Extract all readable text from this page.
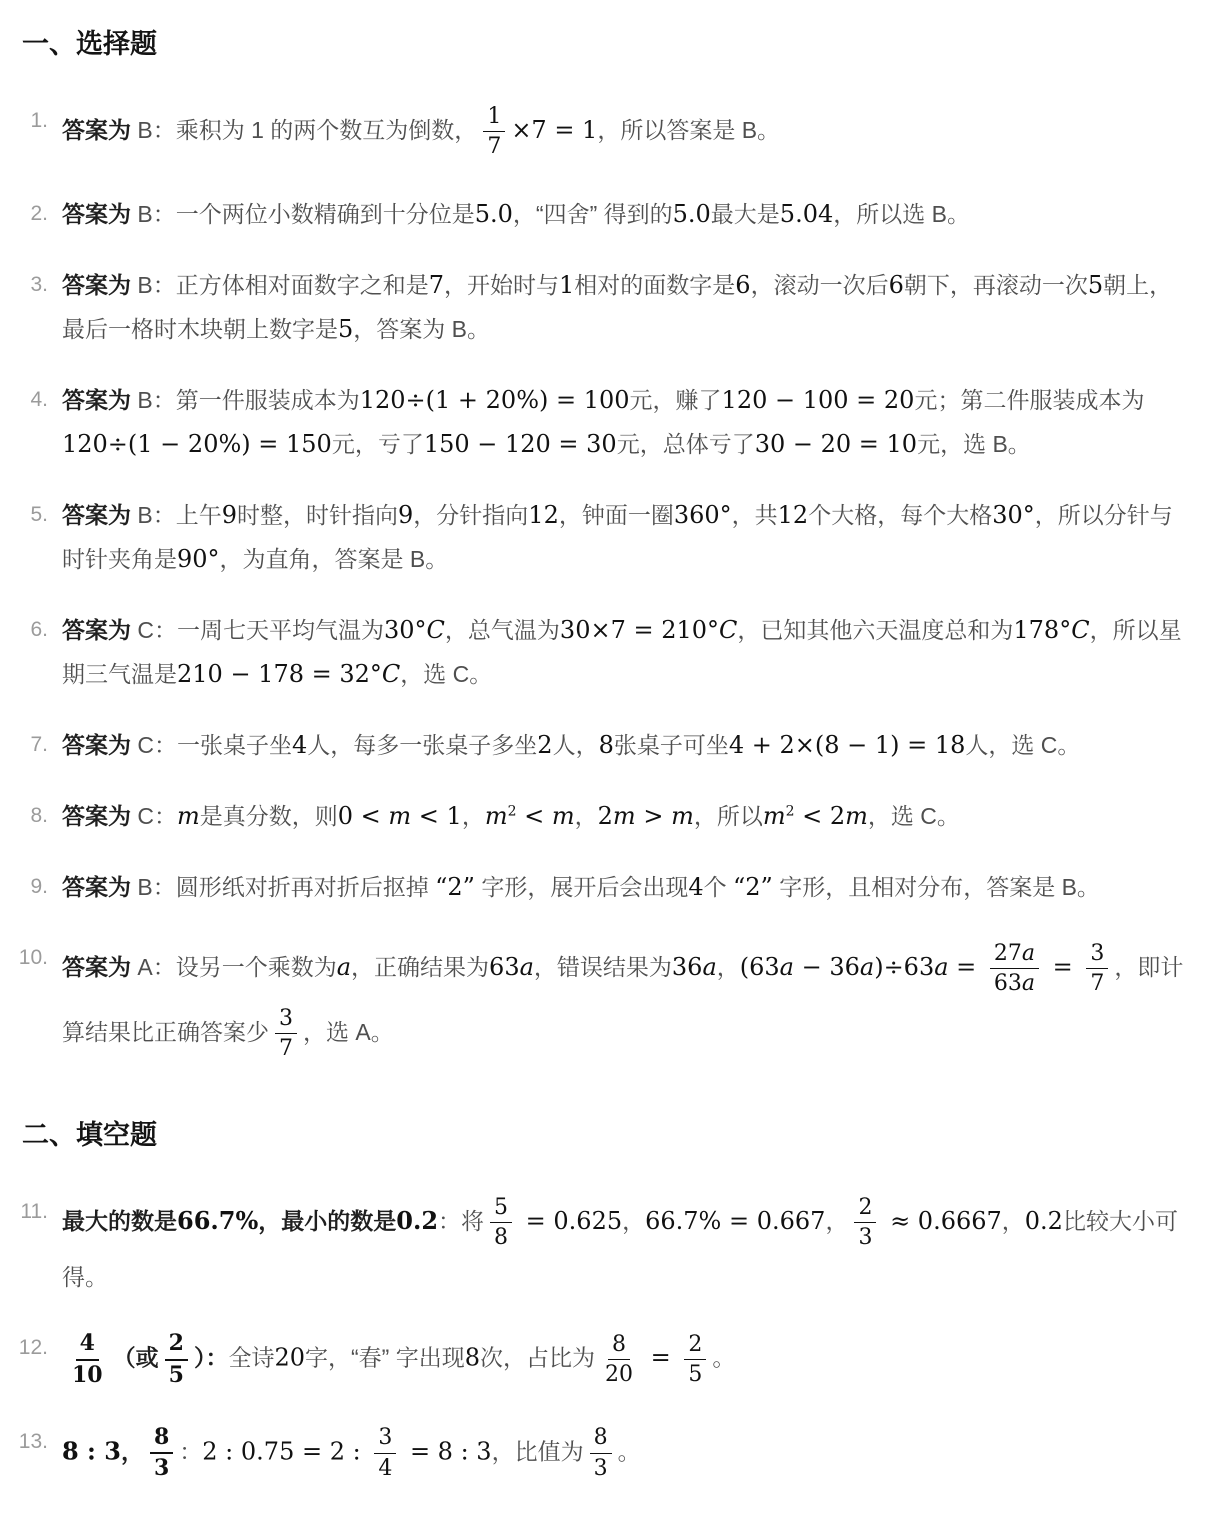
一、选择题
1. 答案为 B：乘积为 1 的两个数互为倒数， $\frac{1}{7} \times 7 = 1$，所以答案是 B。
2. 答案为 B：一个两位小数精确到十分位是5.0，“四舍” 得到的5.0最大是5.04，所以选 B。
3. 答案为 B：正方体相对面数字之和是7，开始时与1相对的面数字是6，滚动一次后6朝下，再滚动一次5朝上，最后一格时木块朝上数字是5，答案为 B。
4. 答案为 B：第一件服装成本为120÷(1 + 20%) = 100元，赚了120 − 100 = 20元；第二件服装成本为120÷(1 − 20%) = 150元，亏了150 − 120 = 30元，总体亏了30 − 20 = 10元，选 B。
5. 答案为 B：上午9时整，时针指向9，分针指向12，钟面一圈360°，共12个大格，每个大格30°，所以分针与时针夹角是90°，为直角，答案是 B。
6. 答案为 C：一周七天平均气温为30°C，总气温为30×7 = 210°C，已知其他六天温度总和为178°C，所以星期三气温是210 − 178 = 32°C，选 C。
7. 答案为 C：一张桌子坐4人，每多一张桌子多坐2人，8张桌子可坐4 + 2×(8 − 1) = 18人，选 C。
8. 答案为 C：m是真分数，则0 < m < 1，$m^2 < m$，2m > m，所以$m^2 < 2m$，选 C。
9. 答案为 B：圆形纸对折再对折后抠掉 “2” 字形，展开后会出现4个 “2” 字形，且相对分布，答案是 B。
10. 答案为 A：设另一个乘数为a，正确结果为63a，错误结果为36a，$(63a - 36a)\div 63a = \frac{27a}{63a} = \frac{3}{7}$ ，即计算结果比正确答案少 $\frac{3}{7}$ ，选 A。
二、填空题
11. 最大的数是66.7%，最小的数是0.2：将 $\frac{5}{8} = 0.625$，66.7% = 0.667， $\frac{2}{3} \approx 0.6667$，0.2比较大小可得。
12. $\frac{4}{10}$ （或 $\frac{2}{5}$ ）：全诗20字，“春” 字出现8次，占比为 $\frac{8}{20} = \frac{2}{5}$ 。
13. 8 : 3， $\frac{8}{3}$ ：2 : 0.75 = 2 : $\frac{3}{4} = 8$ : 3，比值为 $\frac{8}{3}$ 。
